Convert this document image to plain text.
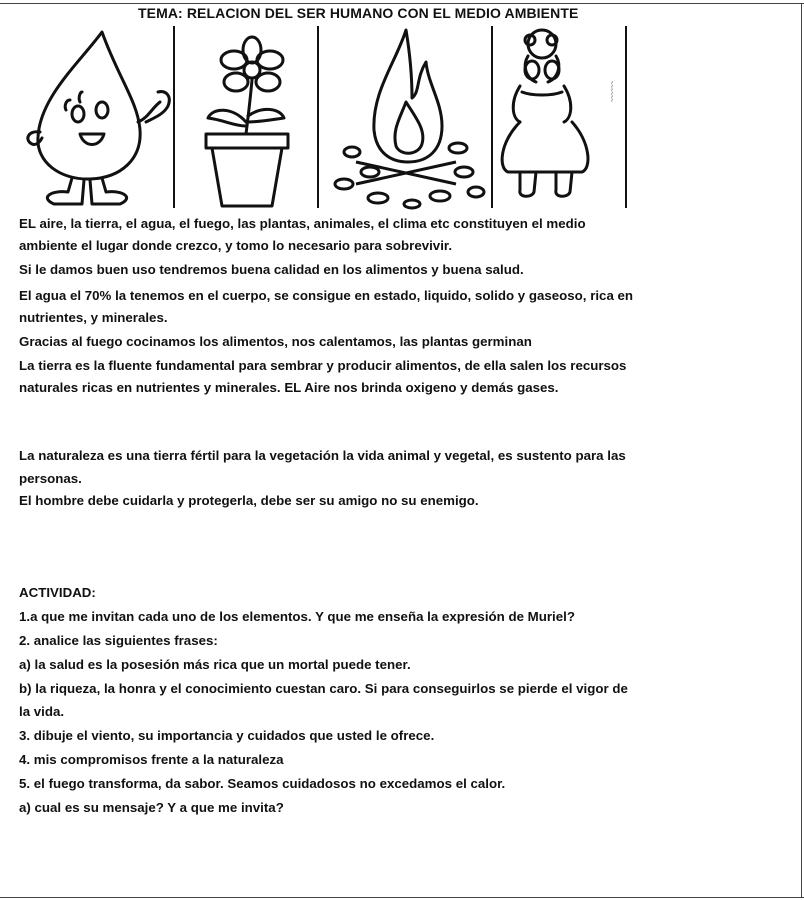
TEMA: RELACION DEL SER HUMANO CON EL MEDIO AMBIENTE
~~~~~~
EL aire, la tierra, el agua, el fuego, las plantas, animales, el clima etc constituyen el medio
ambiente el lugar donde crezco, y tomo lo necesario para sobrevivir.
Si le damos buen uso tendremos buena calidad en los alimentos y buena salud.
El agua el 70% la tenemos en el cuerpo, se consigue en estado, liquido, solido y gaseoso, rica en
nutrientes, y minerales.
Gracias al fuego cocinamos los alimentos, nos calentamos, las plantas germinan
La tierra es la fluente fundamental para sembrar y producir alimentos, de ella salen los recursos
naturales ricas en nutrientes y minerales. EL Aire nos brinda oxigeno y demás gases.
La naturaleza es una tierra fértil para la vegetación la vida animal y vegetal, es sustento para las
personas.
El hombre debe cuidarla y protegerla, debe ser su amigo no su enemigo.
ACTIVIDAD:
1.a que me invitan cada uno de los elementos. Y que me enseña la expresión de Muriel?
2. analice las siguientes frases:
a) la salud es la posesión más rica que un mortal puede tener.
b) la riqueza, la honra y el conocimiento cuestan caro. Si para conseguirlos se pierde el vigor de
la vida.
3. dibuje el viento, su importancia y cuidados que usted le ofrece.
4. mis compromisos frente a la naturaleza
5. el fuego transforma, da sabor. Seamos cuidadosos no excedamos el calor.
a) cual es su mensaje? Y a que me invita?
